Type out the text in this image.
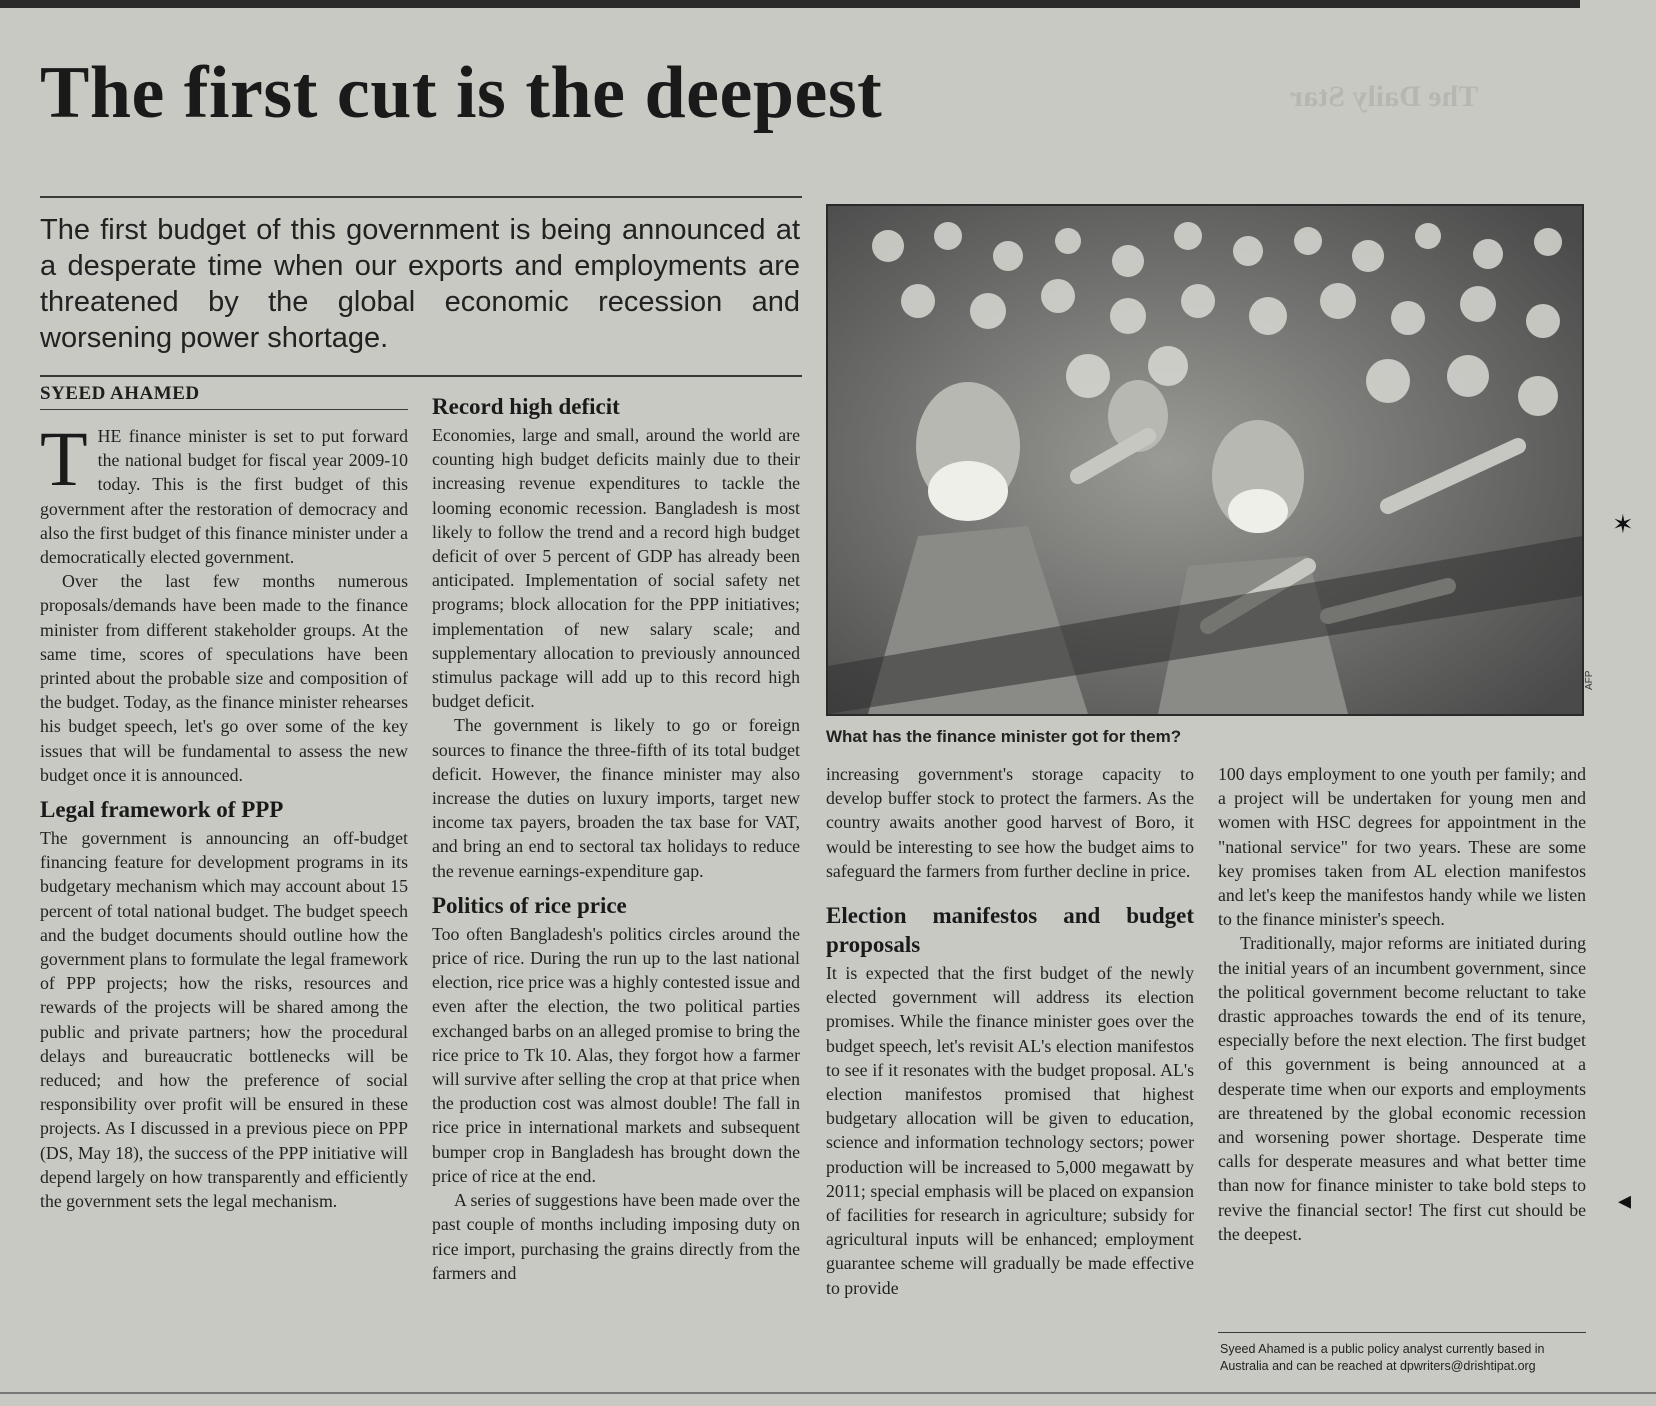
The Daily Star
The first cut is the deepest

The first budget of this government is being announced at a desperate time when our exports and employments are threatened by the global economic recession and worsening power shortage.

SYEED AHAMED

THE finance minister is set to put forward the national budget for fiscal year 2009-10 today. This is the first budget of this government after the restoration of democracy and also the first budget of this finance minister under a democratically elected government.

Over the last few months numerous proposals/demands have been made to the finance minister from different stakeholder groups. At the same time, scores of speculations have been printed about the probable size and composition of the budget. Today, as the finance minister rehearses his budget speech, let's go over some of the key issues that will be fundamental to assess the new budget once it is announced.

Legal framework of PPP

The government is announcing an off-budget financing feature for development programs in its budgetary mechanism which may account about 15 percent of total national budget. The budget speech and the budget documents should outline how the government plans to formulate the legal framework of PPP projects; how the risks, resources and rewards of the projects will be shared among the public and private partners; how the procedural delays and bureaucratic bottlenecks will be reduced; and how the preference of social responsibility over profit will be ensured in these projects. As I discussed in a previous piece on PPP (DS, May 18), the success of the PPP initiative will depend largely on how transparently and efficiently the government sets the legal mechanism.

Record high deficit

Economies, large and small, around the world are counting high budget deficits mainly due to their increasing revenue expenditures to tackle the looming economic recession. Bangladesh is most likely to follow the trend and a record high budget deficit of over 5 percent of GDP has already been anticipated. Implementation of social safety net programs; block allocation for the PPP initiatives; implementation of new salary scale; and supplementary allocation to previously announced stimulus package will add up to this record high budget deficit.

The government is likely to go or foreign sources to finance the three-fifth of its total budget deficit. However, the finance minister may also increase the duties on luxury imports, target new income tax payers, broaden the tax base for VAT, and bring an end to sectoral tax holidays to reduce the revenue earnings-expenditure gap.

Politics of rice price

Too often Bangladesh's politics circles around the price of rice. During the run up to the last national election, rice price was a highly contested issue and even after the election, the two political parties exchanged barbs on an alleged promise to bring the rice price to Tk 10. Alas, they forgot how a farmer will survive after selling the crop at that price when the production cost was almost double! The fall in rice price in international markets and subsequent bumper crop in Bangladesh has brought down the price of rice at the end.

A series of suggestions have been made over the past couple of months including imposing duty on rice import, purchasing the grains directly from the farmers and

AFP

What has the finance minister got for them?

increasing government's storage capacity to develop buffer stock to protect the farmers. As the country awaits another good harvest of Boro, it would be interesting to see how the budget aims to safeguard the farmers from further decline in price.

Election manifestos and budget proposals

It is expected that the first budget of the newly elected government will address its election promises. While the finance minister goes over the budget speech, let's revisit AL's election manifestos to see if it resonates with the budget proposal. AL's election manifestos promised that highest budgetary allocation will be given to education, science and information technology sectors; power production will be increased to 5,000 megawatt by 2011; special emphasis will be placed on expansion of facilities for research in agriculture; subsidy for agricultural inputs will be enhanced; employment guarantee scheme will gradually be made effective to provide

100 days employment to one youth per family; and a project will be undertaken for young men and women with HSC degrees for appointment in the "national service" for two years. These are some key promises taken from AL election manifestos and let's keep the manifestos handy while we listen to the finance minister's speech.

Traditionally, major reforms are initiated during the initial years of an incumbent government, since the political government become reluctant to take drastic approaches towards the end of its tenure, especially before the next election. The first budget of this government is being announced at a desperate time when our exports and employments are threatened by the global economic recession and worsening power shortage. Desperate time calls for desperate measures and what better time than now for finance minister to take bold steps to revive the financial sector! The first cut should be the deepest.

Syeed Ahamed is a public policy analyst currently based in Australia and can be reached at dpwriters@drishtipat.org

✶
◂
